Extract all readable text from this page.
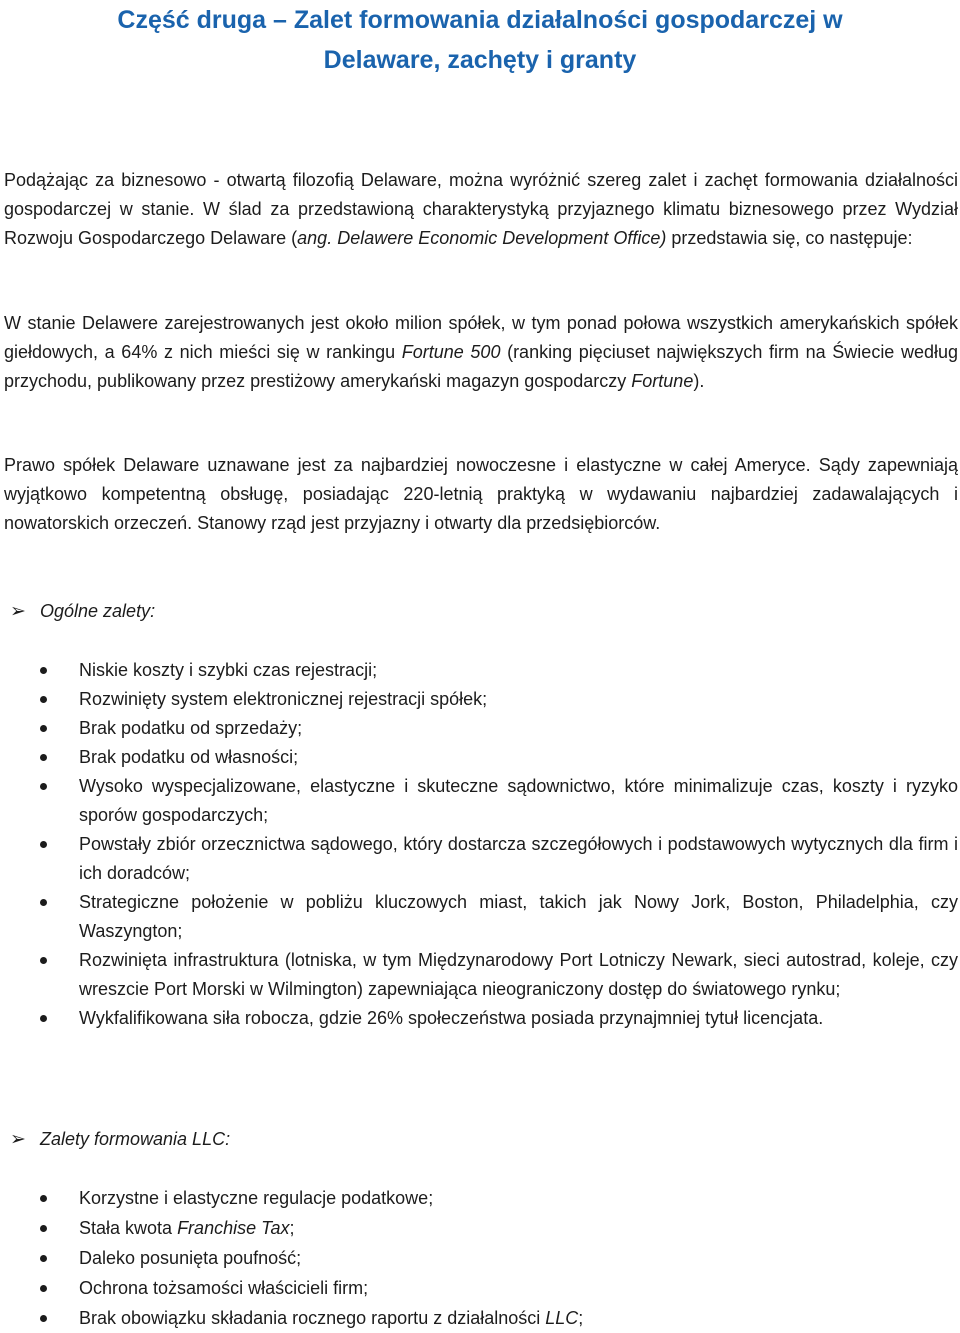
Część druga – Zalet formowania działalności gospodarczej w
Delaware, zachęty i granty

Podążając za biznesowo - otwartą filozofią Delaware, można wyróżnić szereg zalet i zachęt formowania działalności gospodarczej w stanie. W ślad za przedstawioną charakterystyką przyjaznego klimatu biznesowego przez Wydział Rozwoju Gospodarczego Delaware (ang. Delawere Economic Development Office) przedstawia się, co następuje:

W stanie Delawere zarejestrowanych jest około milion spółek, w tym ponad połowa wszystkich amerykańskich spółek giełdowych, a 64% z nich mieści się w rankingu Fortune 500 (ranking pięciuset największych firm na Świecie według przychodu, publikowany przez prestiżowy amerykański magazyn gospodarczy Fortune).

Prawo spółek Delaware uznawane jest za najbardziej nowoczesne i elastyczne w całej Ameryce. Sądy zapewniają wyjątkowo kompetentną obsługę, posiadając 220-letnią praktyką w wydawaniu najbardziej zadawalających i nowatorskich orzeczeń. Stanowy rząd jest przyjazny i otwarty dla przedsiębiorców.

➢ Ogólne zalety:
Niskie koszty i szybki czas rejestracji;
Rozwinięty system elektronicznej rejestracji spółek;
Brak podatku od sprzedaży;
Brak podatku od własności;
Wysoko wyspecjalizowane, elastyczne i skuteczne sądownictwo, które minimalizuje czas, koszty i ryzyko sporów gospodarczych;
Powstały zbiór orzecznictwa sądowego, który dostarcza szczegółowych i podstawowych wytycznych dla firm i ich doradców;
Strategiczne położenie w pobliżu kluczowych miast, takich jak Nowy Jork, Boston, Philadelphia, czy Waszyngton;
Rozwinięta infrastruktura (lotniska, w tym Międzynarodowy Port Lotniczy Newark, sieci autostrad, koleje, czy wreszcie Port Morski w Wilmington) zapewniająca nieograniczony dostęp do światowego rynku;
Wykfalifikowana siła robocza, gdzie 26% społeczeństwa posiada przynajmniej tytuł licencjata.
➢ Zalety formowania LLC:
Korzystne i elastyczne regulacje podatkowe;
Stała kwota Franchise Tax;
Daleko posunięta poufność;
Ochrona tożsamości właścicieli firm;
Brak obowiązku składania rocznego raportu z działalności LLC;
